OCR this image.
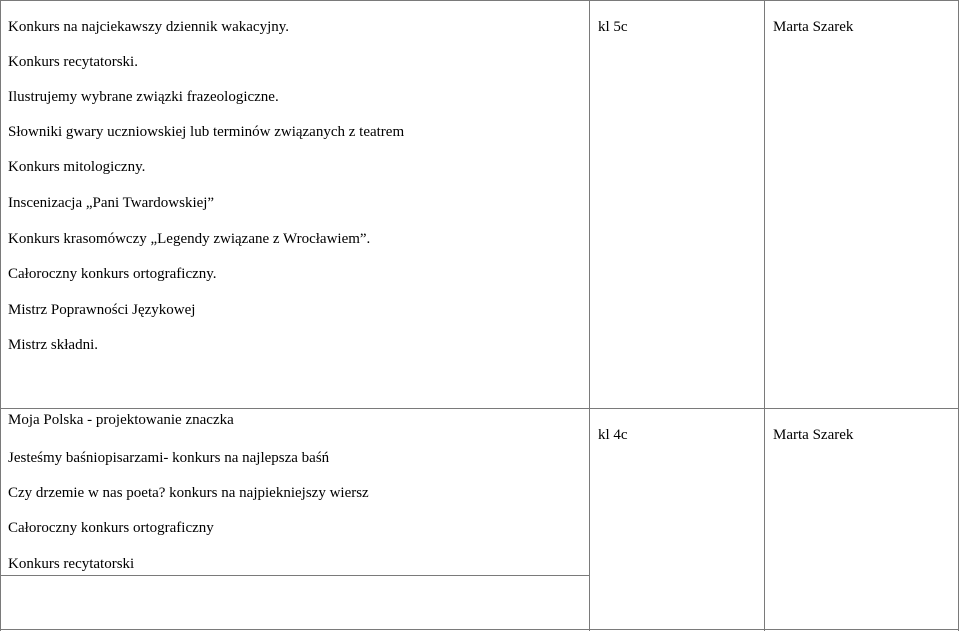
Konkurs na najciekawszy dziennik wakacyjny.
Konkurs recytatorski.
Ilustrujemy wybrane związki frazeologiczne.
Słowniki gwary uczniowskiej lub terminów związanych z teatrem
Konkurs mitologiczny.
Inscenizacja „Pani Twardowskiej”
Konkurs krasomówczy „Legendy związane z Wrocławiem”.
Całoroczny konkurs ortograficzny.
Mistrz Poprawności Językowej
Mistrz składni.
kl 5c	Marta Szarek
Moja Polska - projektowanie znaczka
Jesteśmy baśniopisarzami- konkurs na najlepsza baśń
Czy drzemie w nas poeta? konkurs na najpiekniejszy wiersz
Całoroczny konkurs ortograficzny
Konkurs recytatorski
kl 4c	Marta Szarek
